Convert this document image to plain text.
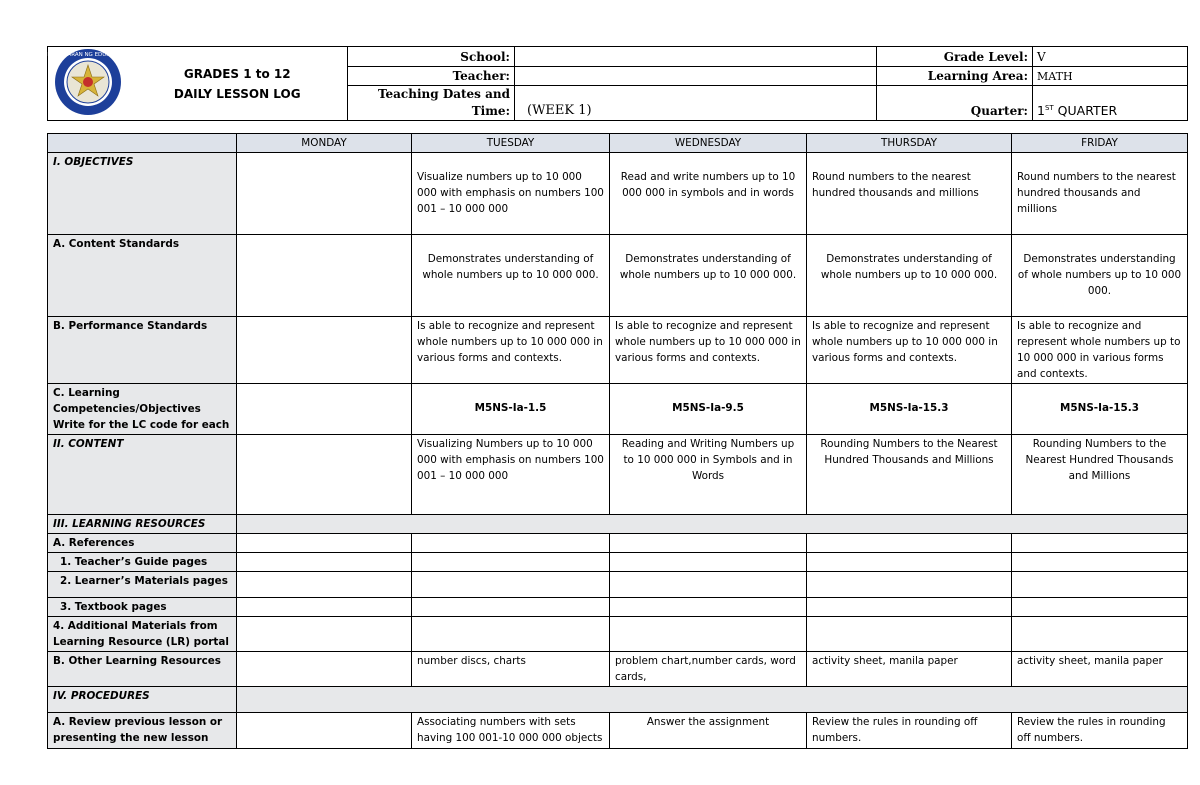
KAGAWARAN NG EDUKASYON	GRADES 1 to 12
DAILY LESSON LOG	School:		Grade Level:	V
		Teacher:		Learning Area:	MATH

		Teaching Dates and
Time:	(WEEK 1)	Quarter:	1ST QUARTER
	MONDAY	TUESDAY	WEDNESDAY	THURSDAY	FRIDAY
I. OBJECTIVES		Visualize numbers up to 10 000 000 with emphasis on numbers 100 001 – 10 000 000	Read and write numbers up to 10 000 000 in symbols and in words	Round numbers to the nearest hundred thousands and millions	Round numbers to the nearest hundred thousands and millions
A. Content Standards		Demonstrates understanding of whole numbers up to 10 000 000.	Demonstrates understanding of whole numbers up to 10 000 000.	Demonstrates understanding of whole numbers up to 10 000 000.	Demonstrates understanding of whole numbers up to 10 000 000.
B. Performance Standards		Is able to recognize and represent whole numbers up to 10 000 000 in various forms and contexts.	Is able to recognize and represent whole numbers up to 10 000 000 in various forms and contexts.	Is able to recognize and represent whole numbers up to 10 000 000 in various forms and contexts.	Is able to recognize and represent whole numbers up to 10 000 000 in various forms and contexts.
C. Learning Competencies/Objectives Write for the LC code for each		M5NS-Ia-1.5	M5NS-Ia-9.5	M5NS-Ia-15.3	M5NS-Ia-15.3
II. CONTENT		Visualizing Numbers up to 10 000 000 with emphasis on numbers 100 001 – 10 000 000	Reading and Writing Numbers up to 10 000 000 in Symbols and in Words	Rounding Numbers to the Nearest Hundred Thousands and Millions	Rounding Numbers to the Nearest Hundred Thousands and Millions
III. LEARNING RESOURCES					
A. References					
1. Teacher’s Guide pages					
2. Learner’s Materials pages					
3. Textbook pages					
4. Additional Materials from Learning Resource (LR) portal					
B. Other Learning Resources		number discs, charts	problem chart,number cards, word cards,	activity sheet, manila paper	activity sheet, manila paper
IV. PROCEDURES					
A. Review previous lesson or presenting the new lesson		Associating numbers with sets having 100 001-10 000 000 objects	Answer the assignment	Review the rules in rounding off numbers.	Review the rules in rounding off numbers.
